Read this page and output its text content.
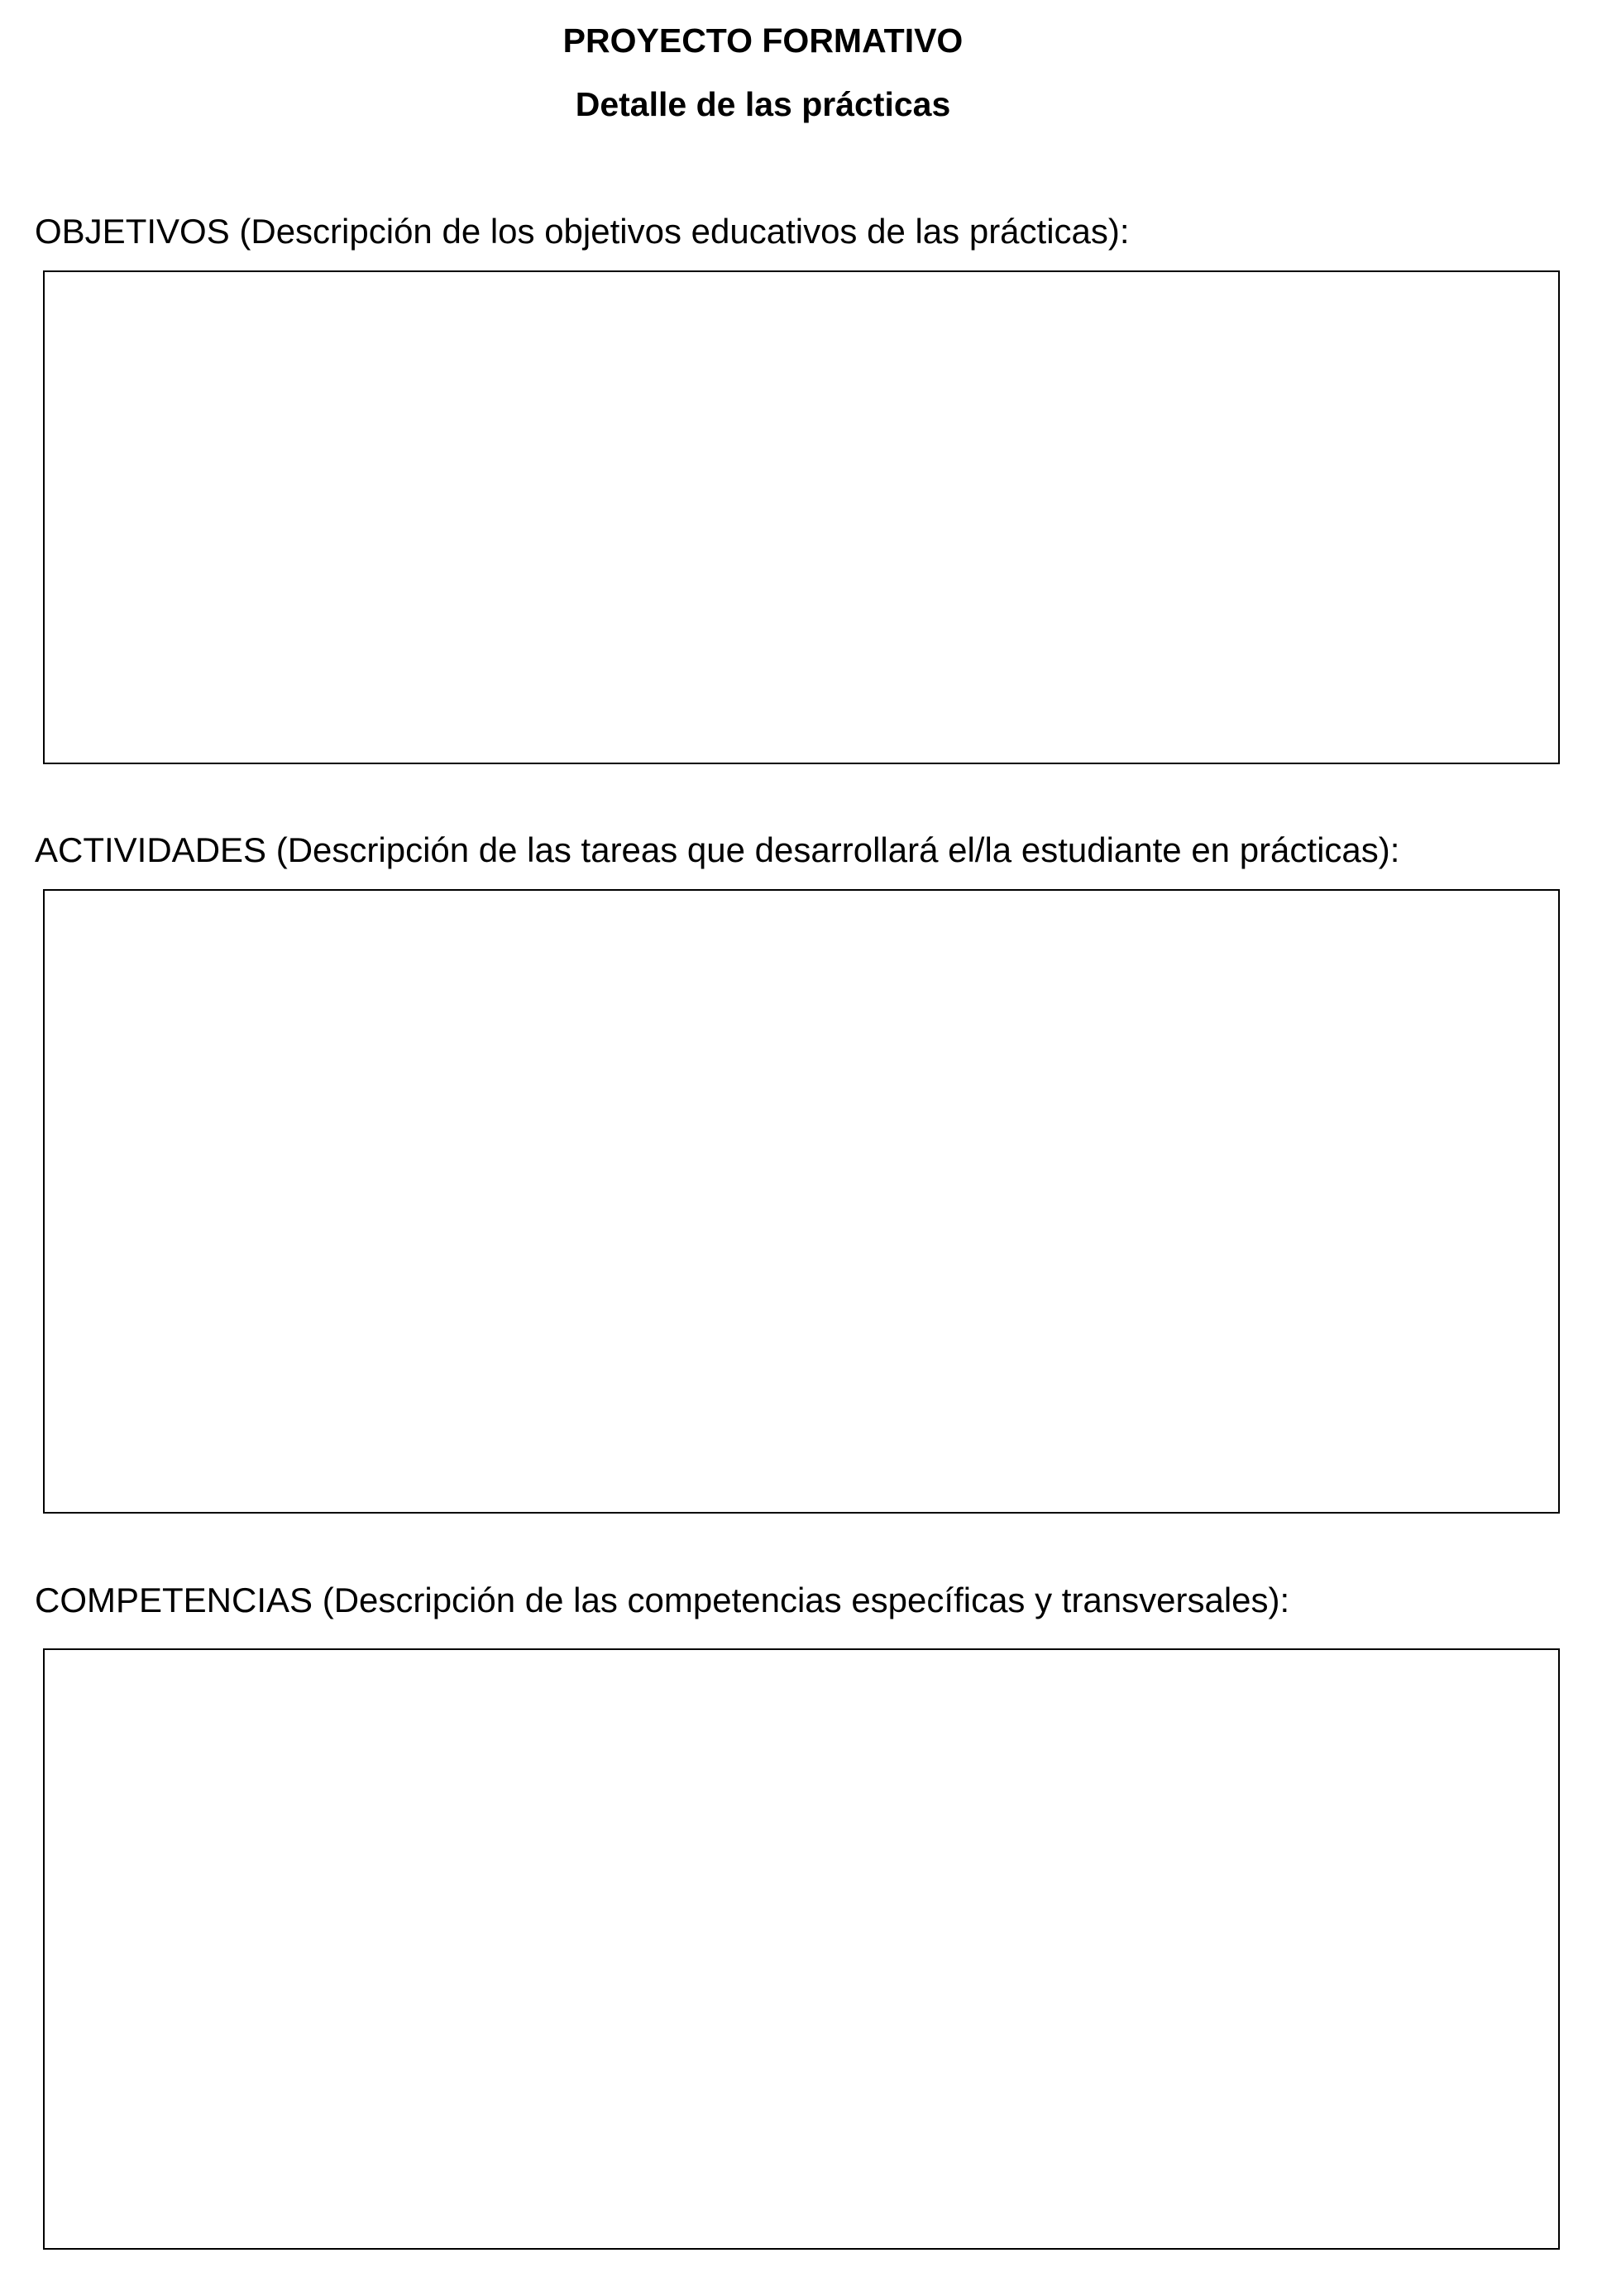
PROYECTO FORMATIVO
Detalle de las prácticas
OBJETIVOS (Descripción de los objetivos educativos de las prácticas):
ACTIVIDADES (Descripción de las tareas que desarrollará el/la estudiante en prácticas):
COMPETENCIAS (Descripción de las competencias específicas y transversales):
